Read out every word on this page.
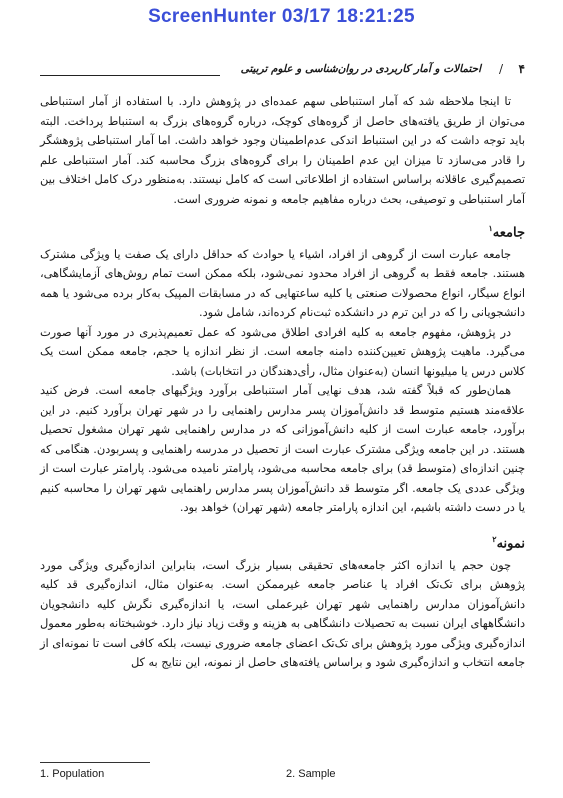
ScreenHunter 03/17 18:21:25
۴
/
احتمالات و آمار کاربردی در روان‌شناسی و علوم تربیتی

تا اینجا ملاحظه شد که آمار استنباطی سهم عمده‌ای در پژوهش دارد. با استفاده از آمار استنباطی می‌توان از طریق یافته‌های حاصل از گروه‌های کوچک، درباره گروه‌های بزرگ به استنباط پرداخت. البته باید توجه داشت که در این استنباط اندکی عدم‌اطمینان وجود خواهد داشت. اما آمار استنباطی پژوهشگر را قادر می‌سازد تا میزان این عدم اطمینان را برای گروه‌های بزرگ محاسبه کند. آمار استنباطی علم تصمیم‌گیری عاقلانه براساس استفاده از اطلاعاتی است که کامل نیستند. به‌منظور درک کامل اختلاف بین آمار استنباطی و توصیفی، بحث درباره مفاهیم جامعه و نمونه ضروری است.

جامعه$^۱$

جامعه عبارت است از گروهی از افراد، اشیاء یا حوادث که حداقل دارای یک صفت یا ویژگی مشترک هستند. جامعه فقط به گروهی از افراد محدود نمی‌شود، بلکه ممکن است تمام روش‌های آزمایشگاهی، انواع سیگار، انواع محصولات صنعتی یا کلیه ساعتهایی که در مسابقات المپیک به‌کار برده می‌شود یا همه دانشجویانی را که در این ترم در دانشکده ثبت‌نام کرده‌اند، شامل شود.

در پژوهش، مفهوم جامعه به کلیه افرادی اطلاق می‌شود که عمل تعمیم‌پذیری در مورد آنها صورت می‌گیرد. ماهیت پژوهش تعیین‌کننده دامنه جامعه است. از نظر اندازه یا حجم، جامعه ممکن است یک کلاس درس یا میلیونها انسان (به‌عنوان مثال، رأی‌دهندگان در انتخابات) باشد.

همان‌طور که قبلاً گفته شد، هدف نهایی آمار استنباطی برآورد ویژگیهای جامعه است. فرض کنید علاقه‌مند هستیم متوسط قد دانش‌آموزان پسر مدارس راهنمایی را در شهر تهران برآورد کنیم. در این برآورد، جامعه عبارت است از کلیه دانش‌آموزانی که در مدارس راهنمایی شهر تهران مشغول تحصیل هستند. در این جامعه ویژگی مشترک عبارت است از تحصیل در مدرسه راهنمایی و پسربودن. هنگامی که چنین اندازه‌ای (متوسط قد) برای جامعه محاسبه می‌شود، پارامتر نامیده می‌شود. پارامتر عبارت است از ویژگی عددی یک جامعه. اگر متوسط قد دانش‌آموزان پسر مدارس راهنمایی شهر تهران را محاسبه کنیم یا در دست داشته باشیم، این اندازه پارامتر جامعه (شهر تهران) خواهد بود.

نمونه$^۲$

چون حجم یا اندازه اکثر جامعه‌های تحقیقی بسیار بزرگ است، بنابراین اندازه‌گیری ویژگی مورد پژوهش برای تک‌تک افراد یا عناصر جامعه غیرممکن است. به‌عنوان مثال، اندازه‌گیری قد کلیه دانش‌آموزان مدارس راهنمایی شهر تهران غیرعملی است، یا اندازه‌گیری نگرش کلیه دانشجویان دانشگاههای ایران نسبت به تحصیلات دانشگاهی به هزینه و وقت زیاد نیاز دارد. خوشبختانه به‌طور معمول اندازه‌گیری ویژگی مورد پژوهش برای تک‌تک اعضای جامعه ضروری نیست، بلکه کافی است تا نمونه‌ای از جامعه انتخاب و اندازه‌گیری شود و براساس یافته‌های حاصل از نمونه، این نتایج به کل

1. Population	2. Sample
